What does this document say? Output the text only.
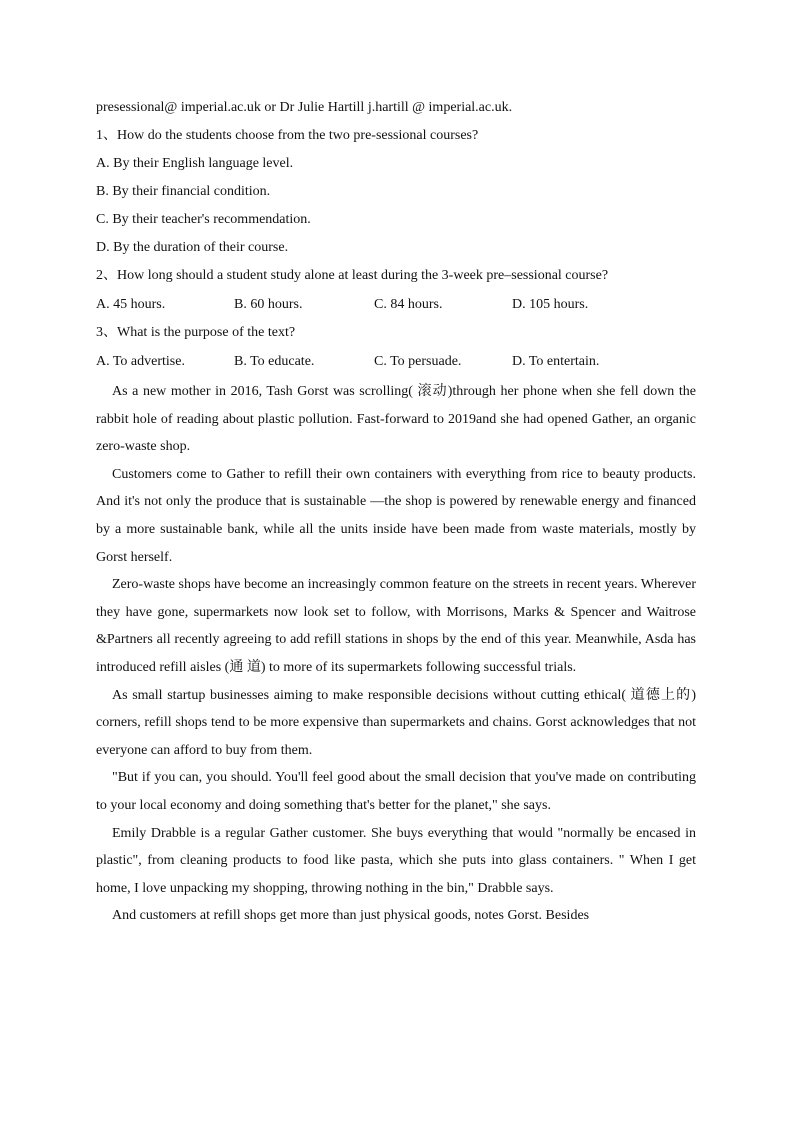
presessional@ imperial.ac.uk or Dr Julie Hartill j.hartill @ imperial.ac.uk.

1、How do the students choose from the two pre-sessional courses?

A. By their English language level.

B. By their financial condition.

C. By their teacher's recommendation.

D. By the duration of their course.

2、How long should a student study alone at least during the 3-week pre–sessional course?

A. 45 hours.	B. 60 hours.	C. 84 hours.	D. 105 hours.

3、What is the purpose of the text?

A. To advertise.	B. To educate.	C. To persuade.	D. To entertain.

As a new mother in 2016, Tash Gorst was scrolling( 滚动)through her phone when she fell down the rabbit hole of reading about plastic pollution. Fast-forward to 2019and she had opened Gather, an organic zero-waste shop.

Customers come to Gather to refill their own containers with everything from rice to beauty products. And it's not only the produce that is sustainable —the shop is powered by renewable energy and financed by a more sustainable bank, while all the units inside have been made from waste materials, mostly by Gorst herself.

Zero-waste shops have become an increasingly common feature on the streets in recent years. Wherever they have gone, supermarkets now look set to follow, with Morrisons, Marks & Spencer and Waitrose &Partners all recently agreeing to add refill stations in shops by the end of this year. Meanwhile, Asda has introduced refill aisles (通 道) to more of its supermarkets following successful trials.

As small startup businesses aiming to make responsible decisions without cutting ethical( 道德上的) corners, refill shops tend to be more expensive than supermarkets and chains. Gorst acknowledges that not everyone can afford to buy from them.

"But if you can, you should. You'll feel good about the small decision that you've made on contributing to your local economy and doing something that's better for the planet," she says.

Emily Drabble is a regular Gather customer. She buys everything that would "normally be encased in plastic", from cleaning products to food like pasta, which she puts into glass containers. " When I get home, I love unpacking my shopping, throwing nothing in the bin," Drabble says.

And customers at refill shops get more than just physical goods, notes Gorst. Besides
